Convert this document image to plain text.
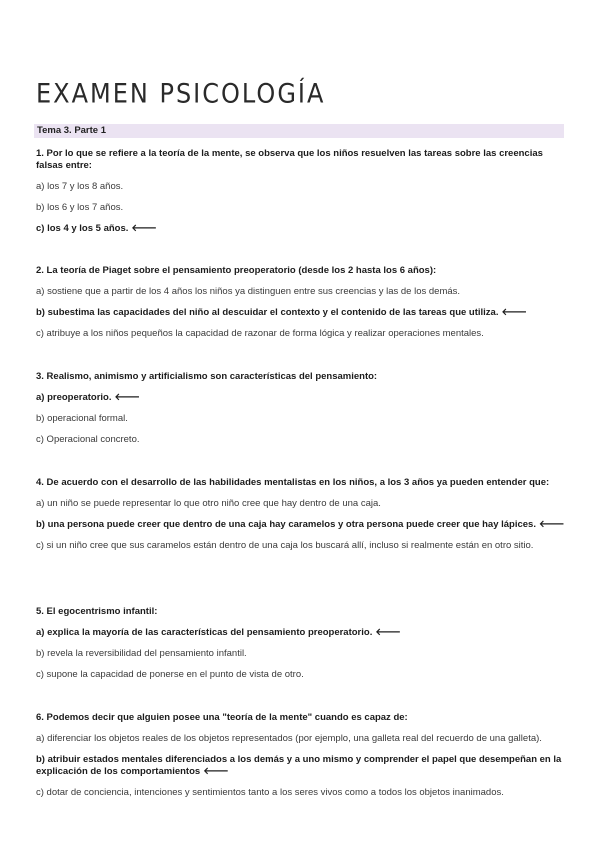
EXAMEN PSICOLOGÍA
Tema 3. Parte 1

1. Por lo que se refiere a la teoría de la mente, se observa que los niños resuelven las tareas sobre las creencias falsas entre:

a) los 7 y los 8 años.

b) los 6 y los 7 años.

c) los 4 y los 5 años. 🡐

2. La teoría de Piaget sobre el pensamiento preoperatorio (desde los 2 hasta los 6 años):

a) sostiene que a partir de los 4 años los niños ya distinguen entre sus creencias y las de los demás.

b) subestima las capacidades del niño al descuidar el contexto y el contenido de las tareas que utiliza. 🡐

c) atribuye a los niños pequeños la capacidad de razonar de forma lógica y realizar operaciones mentales.

3. Realismo, animismo y artificialismo son características del pensamiento:

a) preoperatorio. 🡐

b) operacional formal.

c) Operacional concreto.

4. De acuerdo con el desarrollo de las habilidades mentalistas en los niños, a los 3 años ya pueden entender que:

a) un niño se puede representar lo que otro niño cree que hay dentro de una caja.

b) una persona puede creer que dentro de una caja hay caramelos y otra persona puede creer que hay lápices. 🡐

c) si un niño cree que sus caramelos están dentro de una caja los buscará allí, incluso si realmente están en otro sitio.

5. El egocentrismo infantil:

a) explica la mayoría de las características del pensamiento preoperatorio. 🡐

b) revela la reversibilidad del pensamiento infantil.

c) supone la capacidad de ponerse en el punto de vista de otro.

6. Podemos decir que alguien posee una "teoría de la mente" cuando es capaz de:

a) diferenciar los objetos reales de los objetos representados (por ejemplo, una galleta real del recuerdo de una galleta).

b) atribuir estados mentales diferenciados a los demás y a uno mismo y comprender el papel que desempeñan en la explicación de los comportamientos 🡐

c) dotar de conciencia, intenciones y sentimientos tanto a los seres vivos como a todos los objetos inanimados.
